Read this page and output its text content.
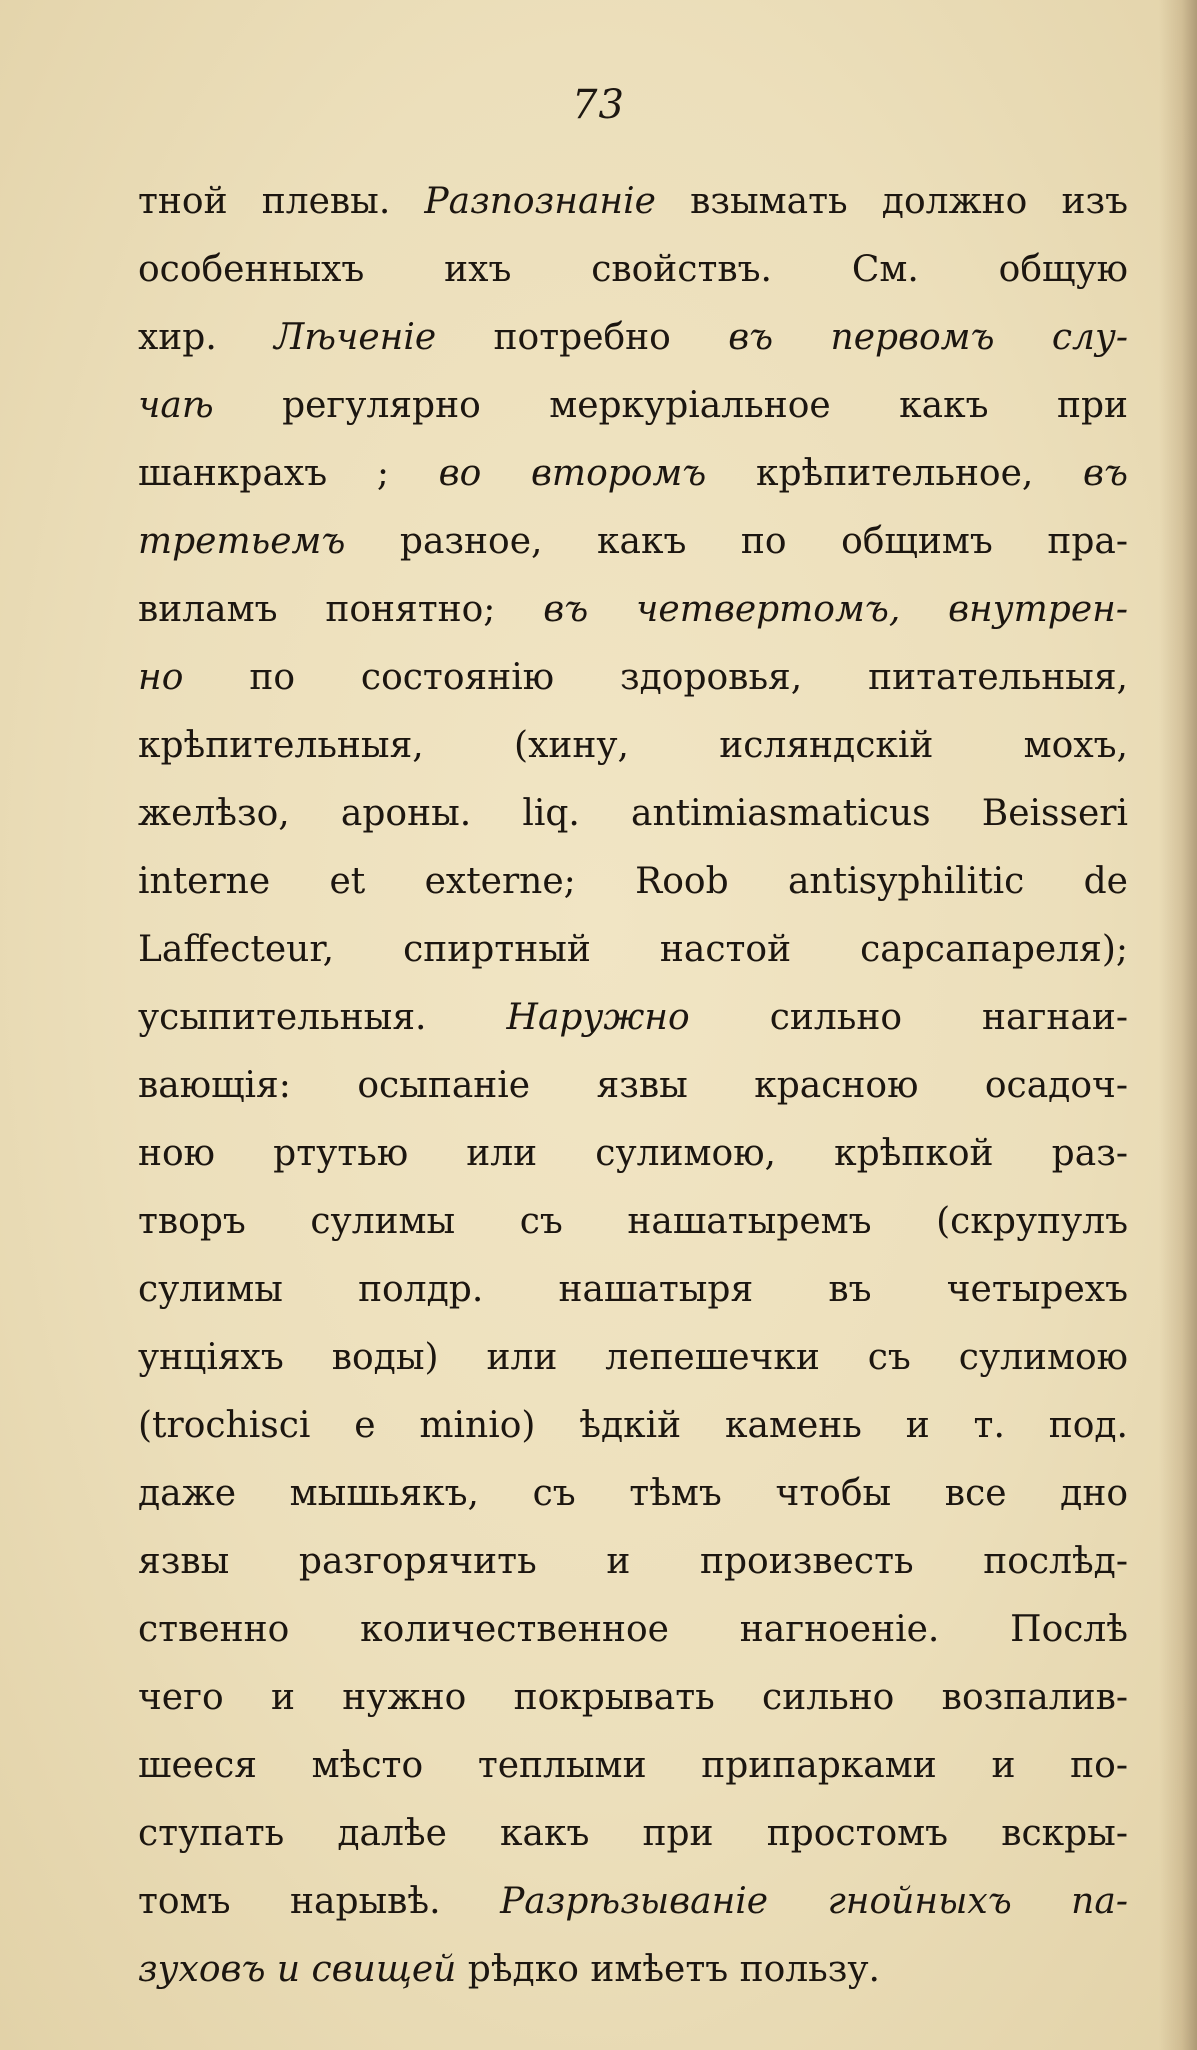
73
тной плевы. Разпознаніе взымать должно изъ
особенныхъ ихъ свойствъ. См. общую
хир. Лѣченіе потребно въ первомъ слу-
чаѣ регулярно меркуріальное какъ при
шанкрахъ ; во второмъ крѣпительное, въ
третьемъ разное, какъ по общимъ пра-
виламъ понятно; въ четвертомъ, внутрен-
но по состоянію здоровья, питательныя,
крѣпительныя, (хину, исляндскій мохъ,
желѣзо, ароны. liq. antimiasmaticus Beisseri
interne et externe; Rоob antisyphilitic de
Laffecteur, спиртный настой сарсапареля);
усыпительныя. Наружно сильно нагнаи-
вающія: осыпаніе язвы красною осадоч-
ною ртутью или сулимою, крѣпкой раз-
творъ сулимы съ нашатыремъ (скрупулъ
сулимы полдр. нашатыря въ четырехъ
унціяхъ воды) или лепешечки съ сулимою
(trochisci e minio) ѣдкій камень и т. под.
даже мышьякъ, съ тѣмъ чтобы все дно
язвы разгорячить и произвесть послѣд-
ственно количественное нагноеніе. Послѣ
чего и нужно покрывать сильно возпалив-
шееся мѣсто теплыми припарками и по-
ступать далѣе какъ при простомъ вскры-
томъ нарывѣ. Разрѣзываніе гнойныхъ па-
зуховъ и свищей рѣдко имѣетъ пользу.
